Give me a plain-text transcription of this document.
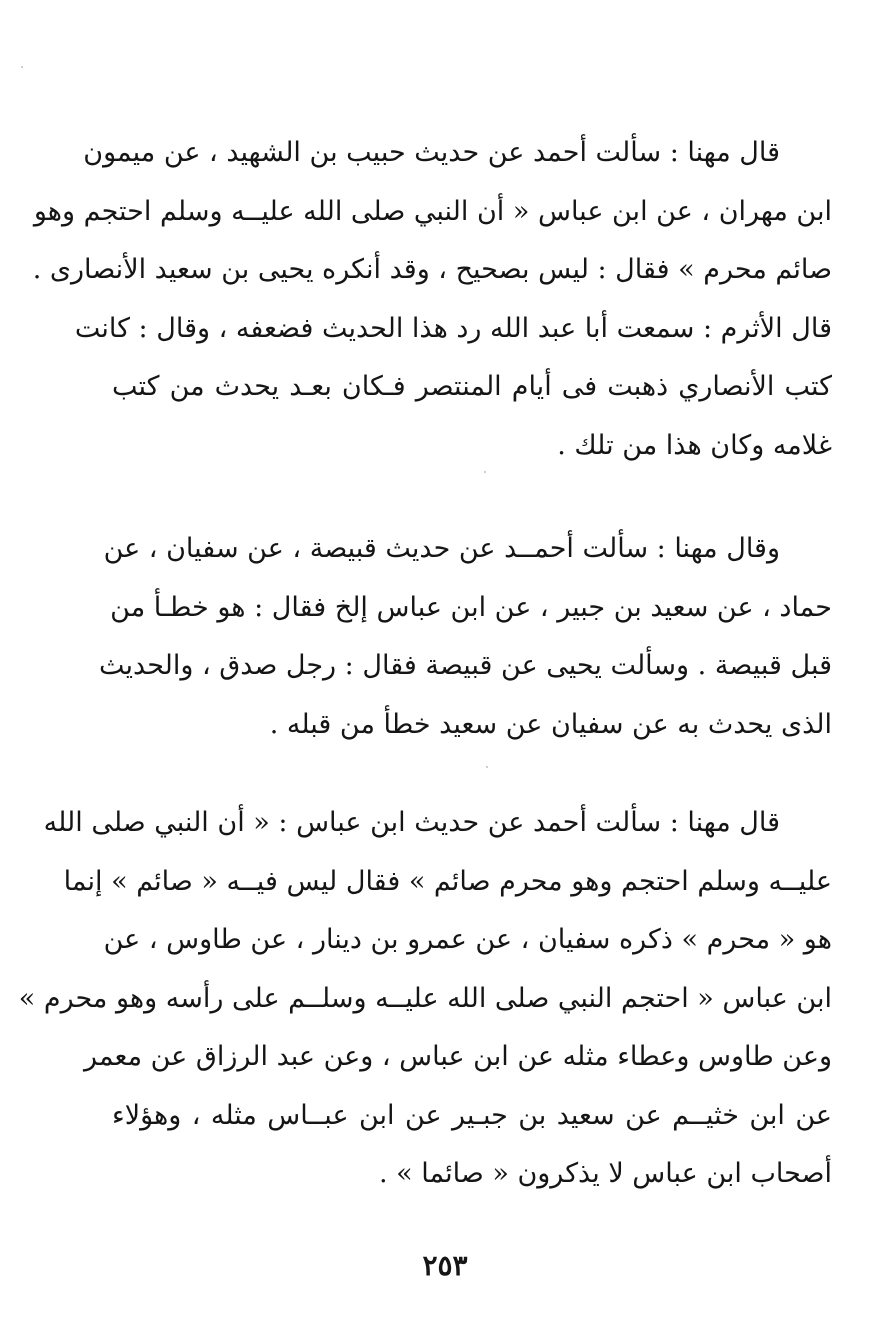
قال مهنا : سألت أحمد عن حديث حبيب بن الشهيد ، عن ميمون
ابن مهران ، عن ابن عباس « أن النبي صلى الله عليــه وسلم احتجم وهو
صائم محرم » فقال : ليس بصحيح ، وقد أنكره يحيى بن سعيد الأنصارى .
قال الأثرم : سمعت أبا عبد الله رد هذا الحديث فضعفه ، وقال : كانت
كتب الأنصاري ذهبت فى أيام المنتصر فـكان بعـد يحدث من كتب
غلامه وكان هذا من تلك .
وقال مهنا : سألت أحمــد عن حديث قبيصة ، عن سفيان ، عن
حماد ، عن سعيد بن جبير ، عن ابن عباس إلخ فقال : هو خطـأ من
قبل قبيصة . وسألت يحيى عن قبيصة فقال : رجل صدق ، والحديث
الذى يحدث به عن سفيان عن سعيد خطأ من قبله .
قال مهنا : سألت أحمد عن حديث ابن عباس : « أن النبي صلى الله
عليــه وسلم احتجم وهو محرم صائم » فقال ليس فيــه « صائم » إنما
هو « محرم » ذكره سفيان ، عن عمرو بن دينار ، عن طاوس ، عن
ابن عباس « احتجم النبي صلى الله عليــه وسلــم على رأسه وهو محرم »
وعن طاوس وعطاء مثله عن ابن عباس ، وعن عبد الرزاق عن معمر
عن ابن خثيــم عن سعيد بن جبـير عن ابن عبــاس مثله ، وهؤلاء
أصحاب ابن عباس لا يذكرون « صائما » .
٢٥٣
